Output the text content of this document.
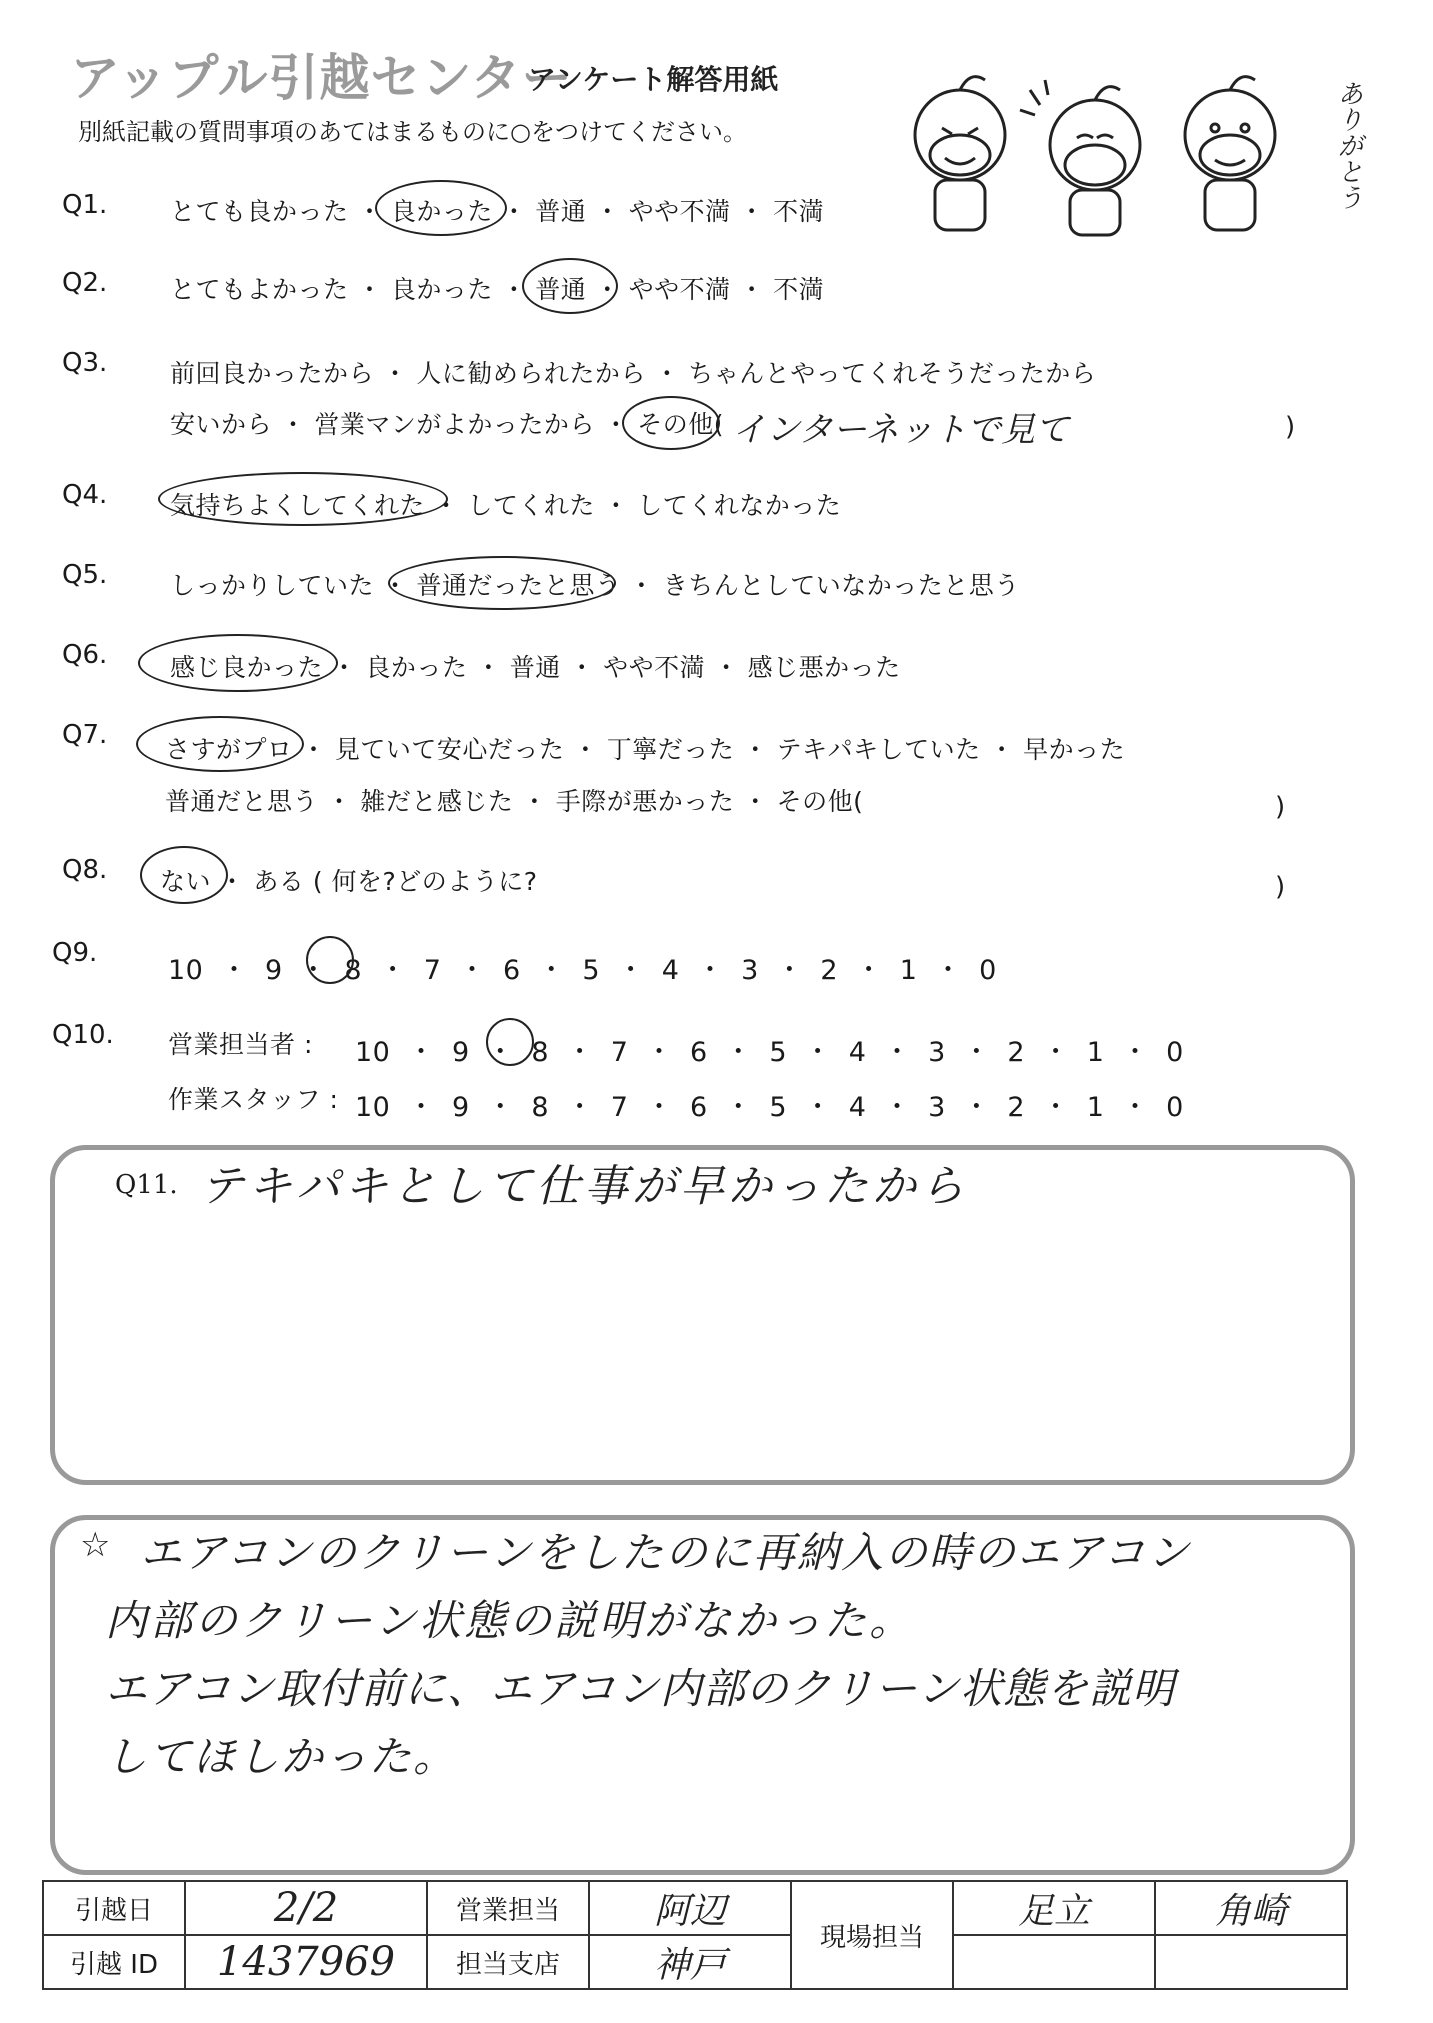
アップル引越センター
アンケート解答用紙
別紙記載の質問事項のあてはまるものに○をつけてください。	ありがとう
Q1.	とても良かった ・ 良かった ・ 普通 ・ やや不満 ・ 不満
Q2.	とてもよかった ・ 良かった ・ 普通 ・ やや不満 ・ 不満
Q3.	前回良かったから ・ 人に勧められたから ・ ちゃんとやってくれそうだったから
安いから ・ 営業マンがよかったから ・ その他( インターネットで見て	)
Q4.	気持ちよくしてくれた ・ してくれた ・ してくれなかった
Q5.	しっかりしていた ・ 普通だったと思う ・ きちんとしていなかったと思う
Q6.	感じ良かった ・ 良かった ・ 普通 ・ やや不満 ・ 感じ悪かった
Q7. さすがプロ ・ 見ていて安心だった ・ 丁寧だった ・ テキパキしていた ・ 早かった
普通だと思う ・ 雑だと感じた ・ 手際が悪かった ・ その他(	)
Q8. ない ・ ある ( 何を?どのように?	)
Q9.
10 ・ 9 ・ 8 ・ 7 ・ 6 ・ 5 ・ 4 ・ 3 ・ 2 ・ 1 ・ 0
Q10. 営業担当者 : 10 ・ 9 ・ 8 ・ 7 ・ 6 ・ 5 ・ 4 ・ 3 ・ 2 ・ 1 ・ 0
作業スタッフ : 10 ・ 9 ・ 8 ・ 7 ・ 6 ・ 5 ・ 4 ・ 3 ・ 2 ・ 1 ・ 0
Q11. テキパキとして仕事が早かったから
☆ エアコンのクリーンをしたのに再納入の時のエアコン
内部のクリーン状態の説明がなかった。
エアコン取付前に、エアコン内部のクリーン状態を説明
してほしかった。
引越日	2/2	営業担当	阿辺	現場担当	足立	角崎
引越 ID	1437969	担当支店	神戸			
